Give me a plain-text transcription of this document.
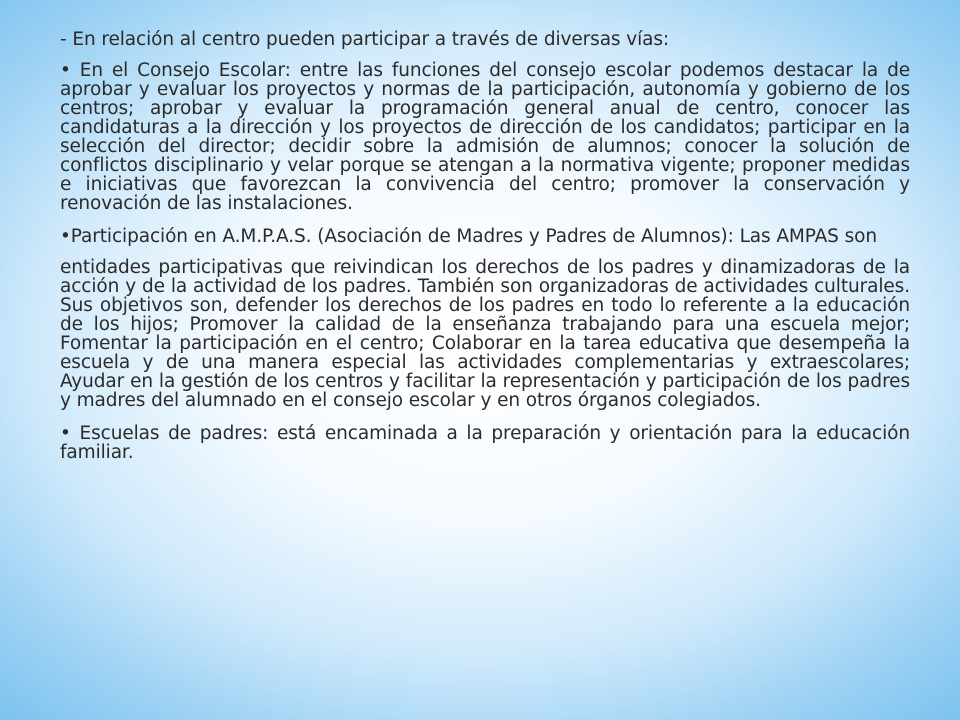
- En relación al centro pueden participar a través de diversas vías:

• En el Consejo Escolar: entre las funciones del consejo escolar podemos destacar la de aprobar y evaluar los proyectos y normas de la participación, autonomía y gobierno de los centros; aprobar y evaluar la programación general anual de centro, conocer las candidaturas a la dirección y los proyectos de dirección de los candidatos; participar en la selección del director; decidir sobre la admisión de alumnos; conocer la solución de conflictos disciplinario y velar porque se atengan a la normativa vigente; proponer medidas e iniciativas que favorezcan la convivencia del centro; promover la conservación y renovación de las instalaciones.

•Participación en A.M.P.A.S. (Asociación de Madres y Padres de Alumnos): Las AMPAS son

entidades participativas que reivindican los derechos de los padres y dinamizadoras de la acción y de la actividad de los padres. También son organizadoras de actividades culturales. Sus objetivos son, defender los derechos de los padres en todo lo referente a la educación de los hijos; Promover la calidad de la enseñanza trabajando para una escuela mejor; Fomentar la participación en el centro; Colaborar en la tarea educativa que desempeña la escuela y de una manera especial las actividades complementarias y extraescolares; Ayudar en la gestión de los centros y facilitar la representación y participación de los padres y madres del alumnado en el consejo escolar y en otros órganos colegiados.

• Escuelas de padres: está encaminada a la preparación y orientación para la educación familiar.
